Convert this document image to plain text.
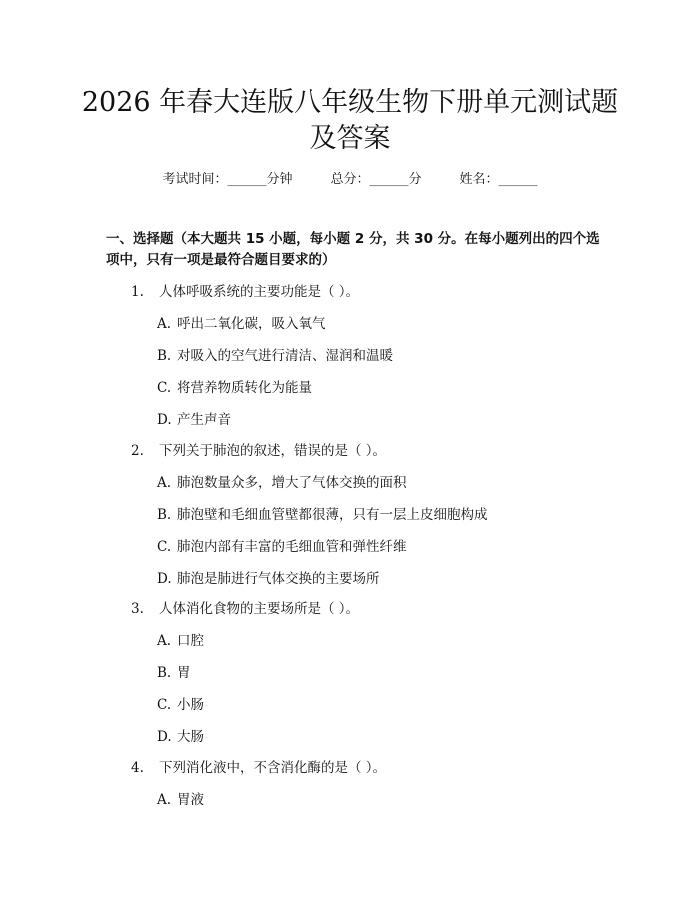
2026 年春大连版八年级生物下册单元测试题
及答案
考试时间：______分钟	总分：______分	姓名：______
一、选择题（本大题共 15 小题，每小题 2 分，共 30 分。在每小题列出的四个选
项中，只有一项是最符合题目要求的）
1. 人体呼吸系统的主要功能是（ ）。
A. 呼出二氧化碳，吸入氧气
B. 对吸入的空气进行清洁、湿润和温暖
C. 将营养物质转化为能量
D. 产生声音
2. 下列关于肺泡的叙述，错误的是（ ）。
A. 肺泡数量众多，增大了气体交换的面积
B. 肺泡壁和毛细血管壁都很薄，只有一层上皮细胞构成
C. 肺泡内部有丰富的毛细血管和弹性纤维
D. 肺泡是肺进行气体交换的主要场所
3. 人体消化食物的主要场所是（ ）。
A. 口腔
B. 胃
C. 小肠
D. 大肠
4. 下列消化液中，不含消化酶的是（ ）。
A. 胃液
